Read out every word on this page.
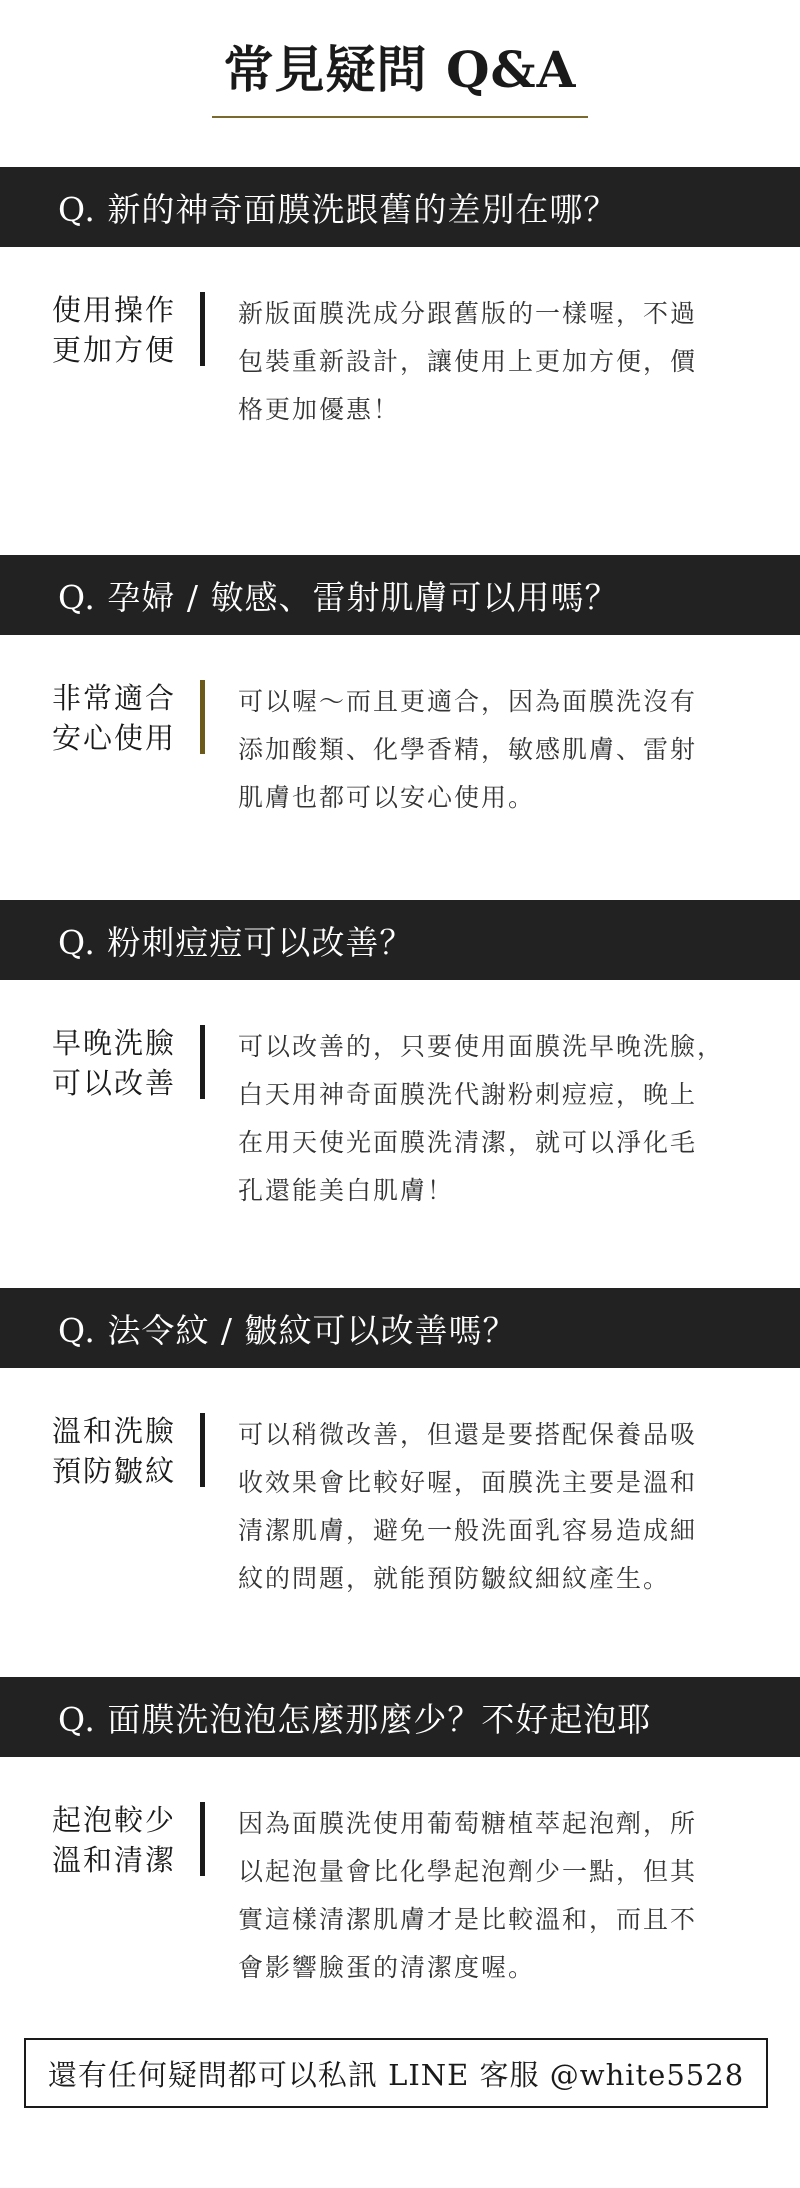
常見疑問 Q&A
Q. 新的神奇面膜洗跟舊的差別在哪？
使用操作
更加方便
新版面膜洗成分跟舊版的一樣喔，不過
包裝重新設計，讓使用上更加方便，價
格更加優惠！
Q. 孕婦 / 敏感、雷射肌膚可以用嗎？
非常適合
安心使用
可以喔～而且更適合，因為面膜洗沒有
添加酸類、化學香精，敏感肌膚、雷射
肌膚也都可以安心使用。
Q. 粉刺痘痘可以改善？
早晚洗臉
可以改善
可以改善的，只要使用面膜洗早晚洗臉，
白天用神奇面膜洗代謝粉刺痘痘，晚上
在用天使光面膜洗清潔，就可以淨化毛
孔還能美白肌膚！
Q. 法令紋 / 皺紋可以改善嗎？
溫和洗臉
預防皺紋
可以稍微改善，但還是要搭配保養品吸
收效果會比較好喔，面膜洗主要是溫和
清潔肌膚，避免一般洗面乳容易造成細
紋的問題，就能預防皺紋細紋產生。
Q. 面膜洗泡泡怎麼那麼少？不好起泡耶
起泡較少
溫和清潔
因為面膜洗使用葡萄糖植萃起泡劑，所
以起泡量會比化學起泡劑少一點，但其
實這樣清潔肌膚才是比較溫和，而且不
會影響臉蛋的清潔度喔。
還有任何疑問都可以私訊 LINE 客服 @white5528
